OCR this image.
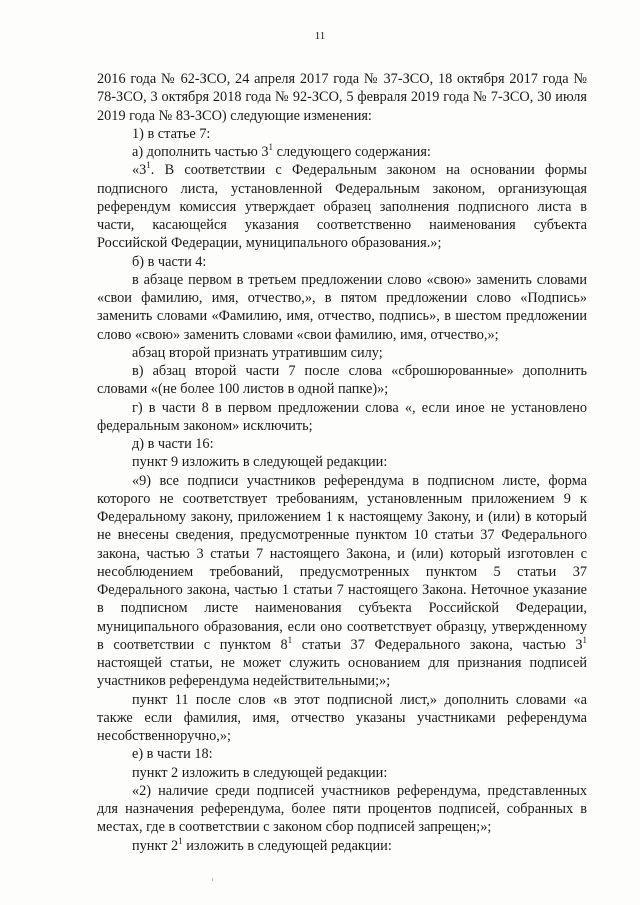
11

2016 года № 62-ЗСО, 24 апреля 2017 года № 37-ЗСО, 18 октября 2017 года № 78-ЗСО, 3 октября 2018 года № 92-ЗСО, 5 февраля 2019 года № 7-ЗСО, 30 июля 2019 года № 83-ЗСО) следующие изменения:

1) в статье 7:

а) дополнить частью $3^1$ следующего содержания:

«$3^1$. В соответствии с Федеральным законом на основании формы подписного листа, установленной Федеральным законом, организующая референдум комиссия утверждает образец заполнения подписного листа в части, касающейся указания соответственно наименования субъекта Российской Федерации, муниципального образования.»;

б) в части 4:

в абзаце первом в третьем предложении слово «свою» заменить словами «свои фамилию, имя, отчество,», в пятом предложении слово «Подпись» заменить словами «Фамилию, имя, отчество, подпись», в шестом предложении слово «свою» заменить словами «свои фамилию, имя, отчество,»;

абзац второй признать утратившим силу;

в) абзац второй части 7 после слова «сброшюрованные» дополнить словами «(не более 100 листов в одной папке)»;

г) в части 8 в первом предложении слова «, если иное не установлено федеральным законом» исключить;

д) в части 16:

пункт 9 изложить в следующей редакции:

«9) все подписи участников референдума в подписном листе, форма которого не соответствует требованиям, установленным приложением 9 к Федеральному закону, приложением 1 к настоящему Закону, и (или) в который не внесены сведения, предусмотренные пунктом 10 статьи 37 Федерального закона, частью 3 статьи 7 настоящего Закона, и (или) который изготовлен с несоблюдением требований, предусмотренных пунктом 5 статьи 37 Федерального закона, частью 1 статьи 7 настоящего Закона. Неточное указание в подписном листе наименования субъекта Российской Федерации, муниципального образования, если оно соответствует образцу, утвержденному в соответствии с пунктом $8^1$ статьи 37 Федерального закона, частью $3^1$ настоящей статьи, не может служить основанием для признания подписей участников референдума недействительными;»;

пункт 11 после слов «в этот подписной лист,» дополнить словами «а также если фамилия, имя, отчество указаны участниками референдума несобственноручно,»;

е) в части 18:

пункт 2 изложить в следующей редакции:

«2) наличие среди подписей участников референдума, представленных для назначения референдума, более пяти процентов подписей, собранных в местах, где в соответствии с законом сбор подписей запрещен;»;

пункт $2^1$ изложить в следующей редакции:
